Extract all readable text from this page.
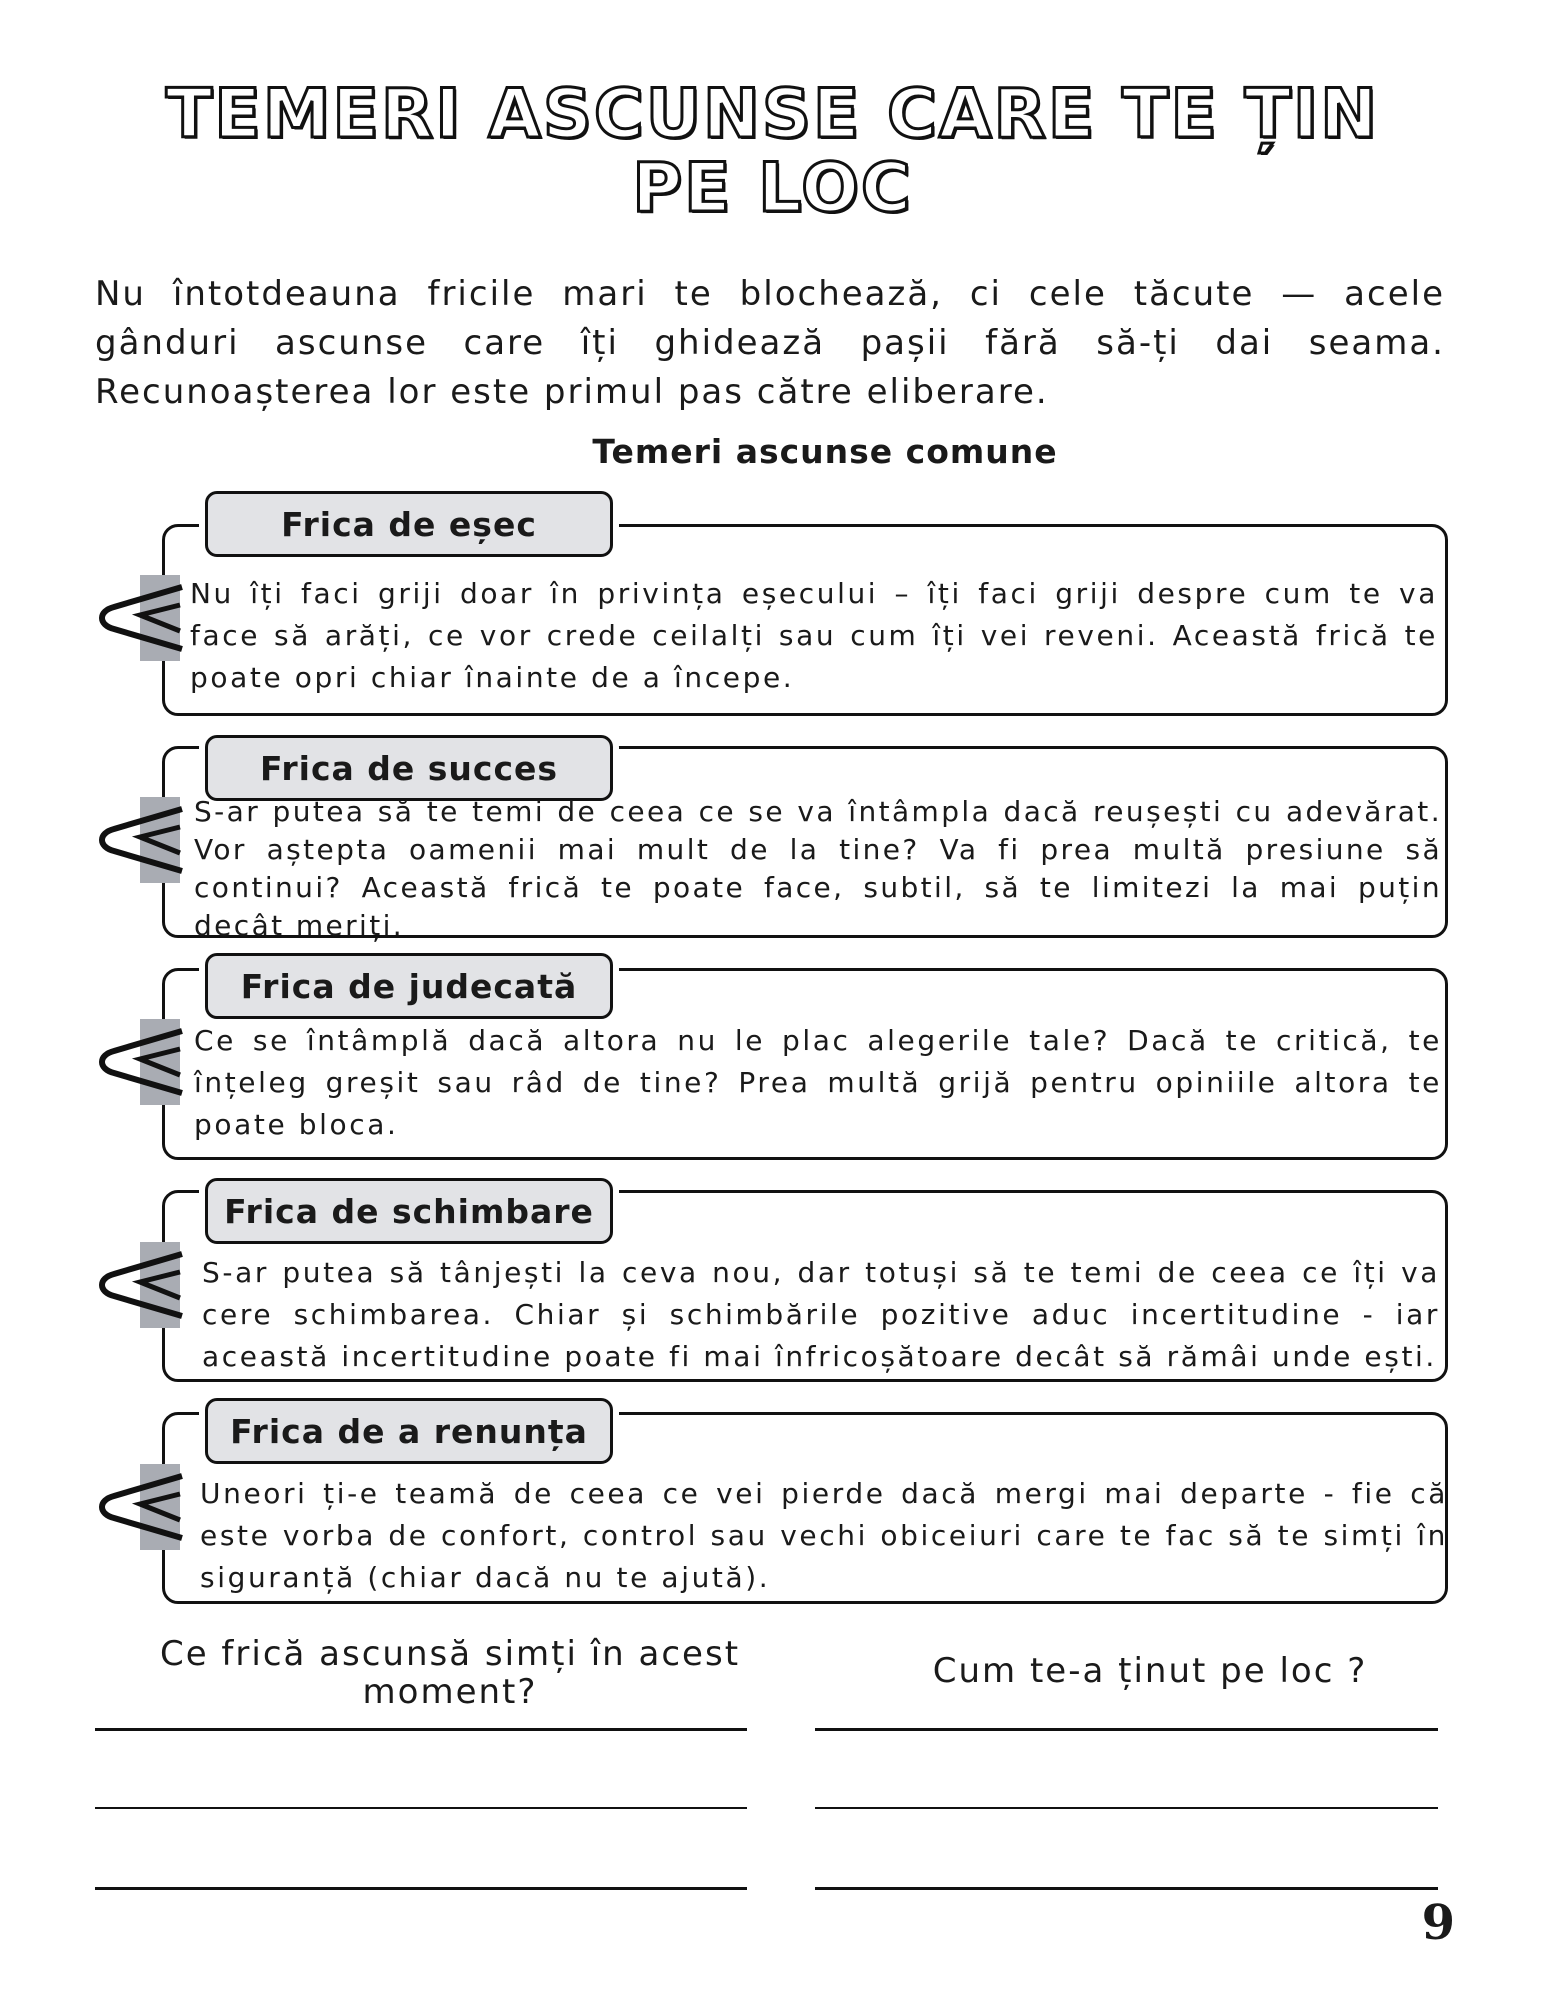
TEMERI ASCUNSE CARE TE ȚIN PE LOC
Nu întotdeauna fricile mari te blochează, ci cele tăcute — acele gânduri ascunse care îți ghidează pașii fără să-ți dai seama. Recunoașterea lor este primul pas către eliberare.
Temeri ascunse comune
Frica de eșec
Nu îți faci griji doar în privința eșecului – îți faci griji despre cum te va face să arăți, ce vor crede ceilalți sau cum îți vei reveni. Această frică te poate opri chiar înainte de a începe.
Frica de succes
S-ar putea să te temi de ceea ce se va întâmpla dacă reușești cu adevărat. Vor aștepta oamenii mai mult de la tine? Va fi prea multă presiune să continui? Această frică te poate face, subtil, să te limitezi la mai puțin decât meriți.
Frica de judecată
Ce se întâmplă dacă altora nu le plac alegerile tale? Dacă te critică, te înțeleg greșit sau râd de tine? Prea multă grijă pentru opiniile altora te poate bloca.
Frica de schimbare
S-ar putea să tânjești la ceva nou, dar totuși să te temi de ceea ce îți va cere schimbarea. Chiar și schimbările pozitive aduc incertitudine - iar această incertitudine poate fi mai înfricoșătoare decât să rămâi unde ești.
Frica de a renunța
Uneori ți-e teamă de ceea ce vei pierde dacă mergi mai departe - fie că este vorba de confort, control sau vechi obiceiuri care te fac să te simți în siguranță (chiar dacă nu te ajută).
Ce frică ascunsă simți în acest moment?
Cum te-a ținut pe loc ?
9
